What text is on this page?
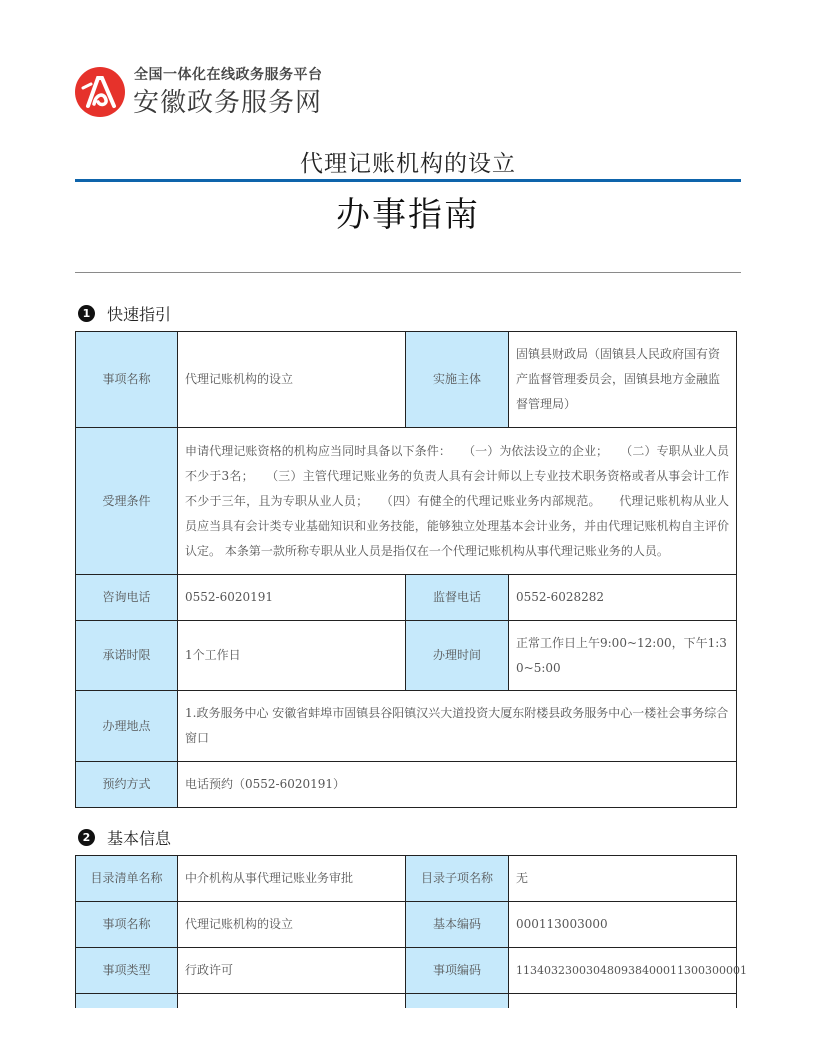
全国一体化在线政务服务平台
安徽政务服务网
代理记账机构的设立
办事指南
1 快速指引
事项名称	代理记账机构的设立	实施主体	固镇县财政局（固镇县人民政府国有资产监督管理委员会，固镇县地方金融监督管理局）
受理条件	申请代理记账资格的机构应当同时具备以下条件：　　（一）为依法设立的企业；　　（二）专职从业人员不少于3名；　　（三）主管代理记账业务的负责人具有会计师以上专业技术职务资格或者从事会计工作不少于三年，且为专职从业人员；　　（四）有健全的代理记账业务内部规范。　　代理记账机构从业人员应当具有会计类专业基础知识和业务技能，能够独立处理基本会计业务，并由代理记账机构自主评价认定。 本条第一款所称专职从业人员是指仅在一个代理记账机构从事代理记账业务的人员。		
咨询电话	0552-6020191	监督电话	0552-6028282
承诺时限	1个工作日	办理时间	正常工作日上午9:00~12:00，下午1:30~5:00
办理地点	1.政务服务中心 安徽省蚌埠市固镇县谷阳镇汉兴大道投资大厦东附楼县政务服务中心一楼社会事务综合窗口		
预约方式	电话预约（0552-6020191）		
2 基本信息
目录清单名称	中介机构从事代理记账业务审批	目录子项名称	无
事项名称	代理记账机构的设立	基本编码	000113003000
事项类型	行政许可	事项编码	113403230030480938400011300300001
